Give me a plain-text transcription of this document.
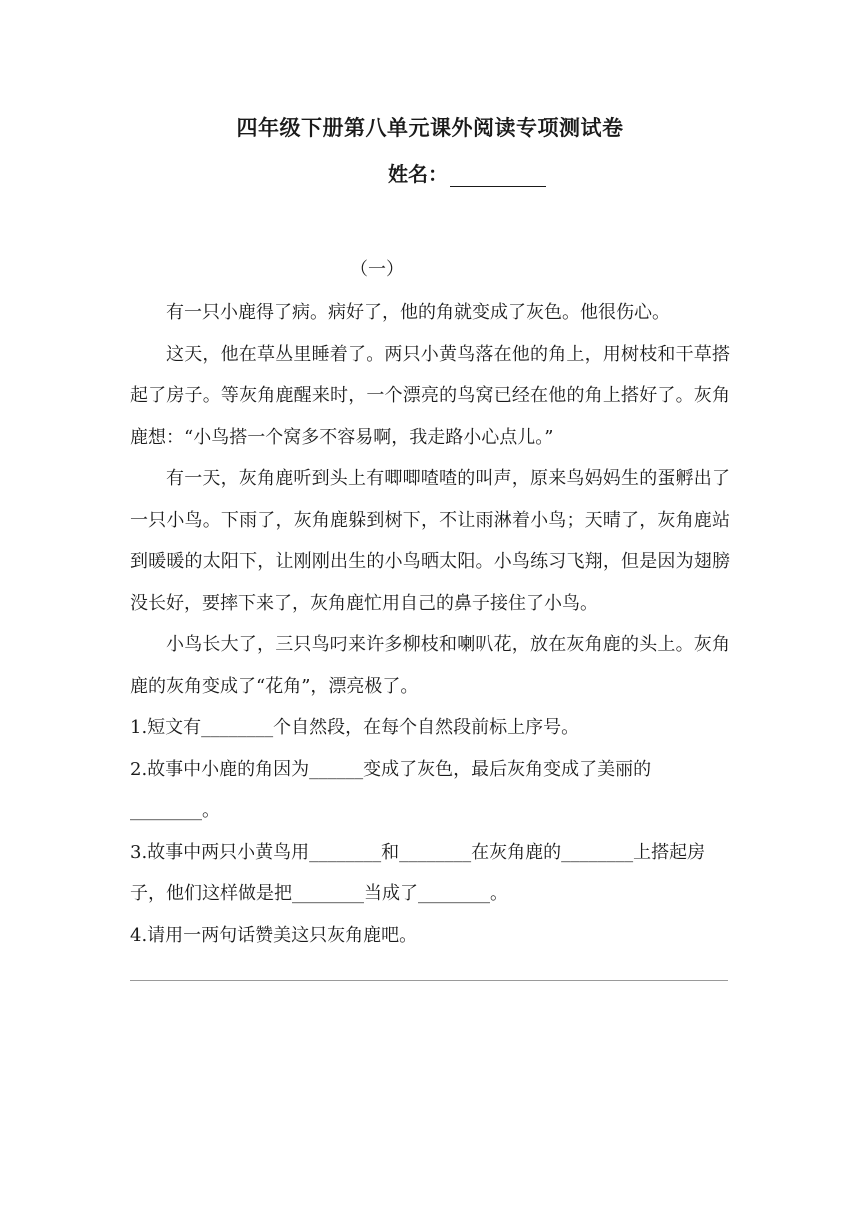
四年级下册第八单元课外阅读专项测试卷
姓名：
（一）

有一只小鹿得了病。病好了，他的角就变成了灰色。他很伤心。

这天，他在草丛里睡着了。两只小黄鸟落在他的角上，用树枝和干草搭起了房子。等灰角鹿醒来时，一个漂亮的鸟窝已经在他的角上搭好了。灰角鹿想：“小鸟搭一个窝多不容易啊，我走路小心点儿。”

有一天，灰角鹿听到头上有唧唧喳喳的叫声，原来鸟妈妈生的蛋孵出了一只小鸟。下雨了，灰角鹿躲到树下，不让雨淋着小鸟；天晴了，灰角鹿站到暖暖的太阳下，让刚刚出生的小鸟晒太阳。小鸟练习飞翔，但是因为翅膀没长好，要摔下来了，灰角鹿忙用自己的鼻子接住了小鸟。

小鸟长大了，三只鸟叼来许多柳枝和喇叭花，放在灰角鹿的头上。灰角鹿的灰角变成了“花角”，漂亮极了。

1.短文有________个自然段，在每个自然段前标上序号。

2.故事中小鹿的角因为______变成了灰色，最后灰角变成了美丽的________。

3.故事中两只小黄鸟用________和________在灰角鹿的________上搭起房子，他们这样做是把________当成了________。

4.请用一两句话赞美这只灰角鹿吧。
